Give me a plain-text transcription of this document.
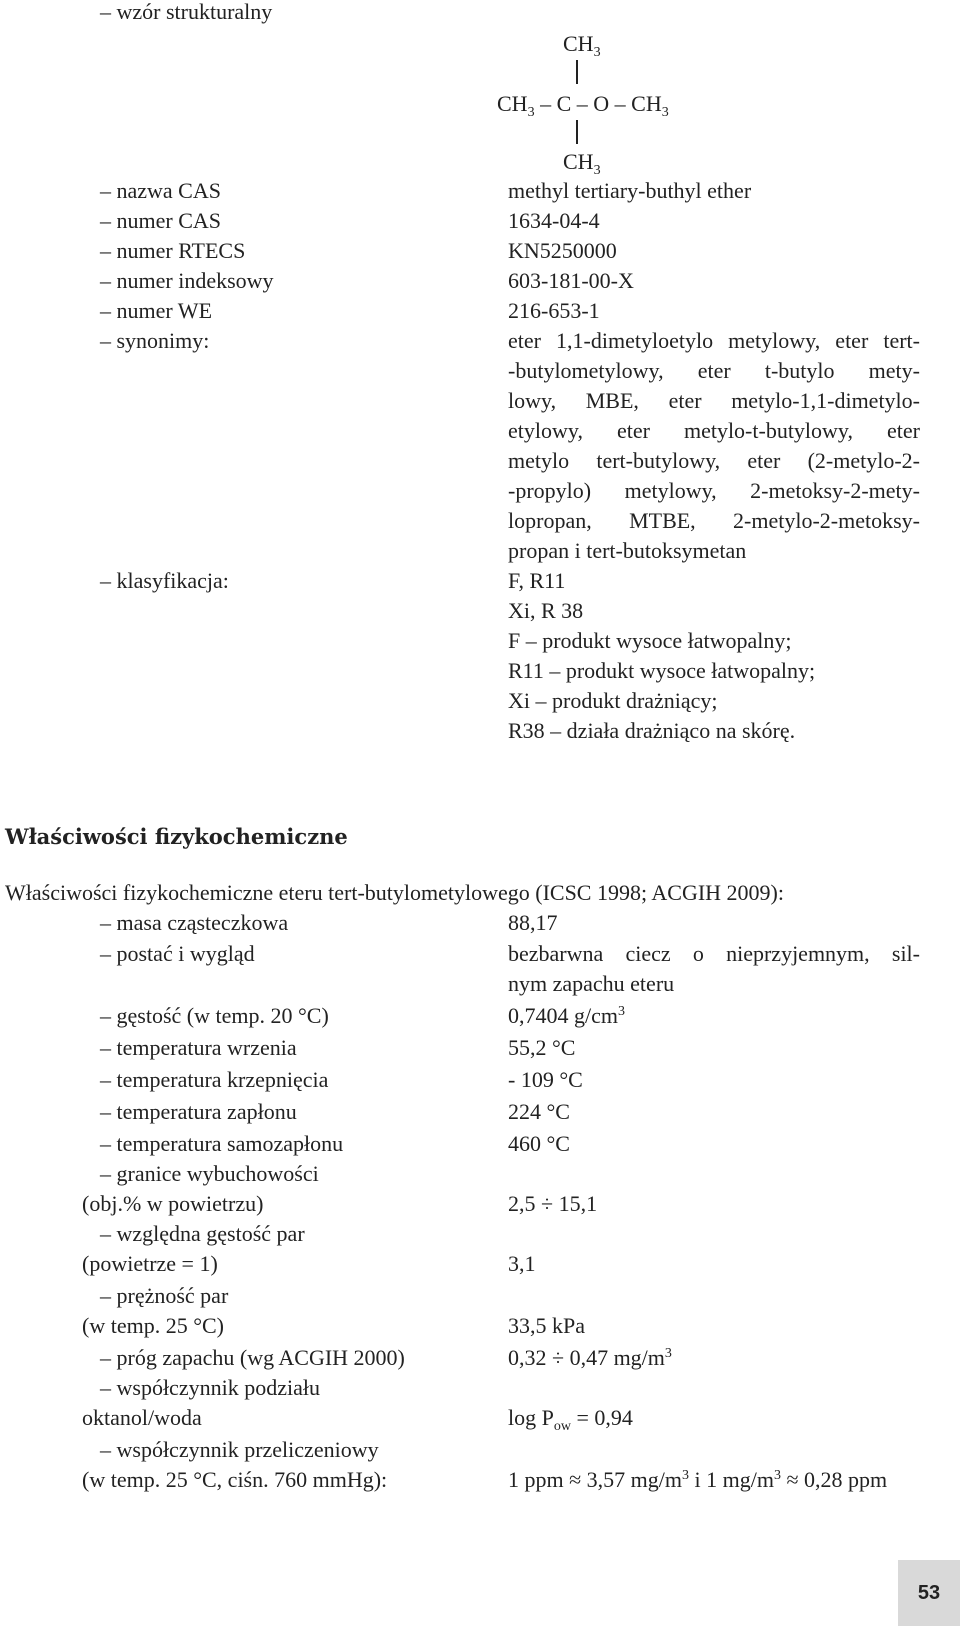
– wzór strukturalny
$CH_3$
$CH_3$ – C – O – $CH_3$
$CH_3$
– nazwa CAS	methyl tertiary-buthyl ether
– numer CAS	1634-04-4
– numer RTECS	KN5250000
– numer indeksowy	603-181-00-X
– numer WE	216-653-1
– synonimy:	eter 1,1-dimetyloetylo metylowy, eter tert-
-butylometylowy, eter t-butylo mety-
lowy, MBE, eter metylo-1,1-dimetylo-
etylowy, eter metylo-t-butylowy, eter
metylo tert-butylowy, eter (2-metylo-2-
-propylo) metylowy, 2-metoksy-2-mety-
lopropan, MTBE, 2-metylo-2-metoksy-
propan i tert-butoksymetan
– klasyfikacja:	F, R11
Xi, R 38
F – produkt wysoce łatwopalny;
R11 – produkt wysoce łatwopalny;
Xi – produkt drażniący;
R38 – działa drażniąco na skórę.
Właściwości fizykochemiczne
Właściwości fizykochemiczne eteru tert-butylometylowego (ICSC 1998; ACGIH 2009):
– masa cząsteczkowa	88,17
– postać i wygląd	bezbarwna ciecz o nieprzyjemnym, sil-
nym zapachu eteru
– gęstość (w temp. 20 °C)	0,7404 $g/cm^3$
– temperatura wrzenia	55,2 °C
– temperatura krzepnięcia	- 109 °C
– temperatura zapłonu	224 °C
– temperatura samozapłonu	460 °C
– granice wybuchowości
(obj.% w powietrzu)	2,5 ÷ 15,1
– względna gęstość par
(powietrze = 1)	3,1
– prężność par
(w temp. 25 °C)	33,5 kPa
– próg zapachu (wg ACGIH 2000)	0,32 ÷ 0,47 $mg/m^3$
– współczynnik podziału
oktanol/woda	$\log P_{ow} = 0,94$
– współczynnik przeliczeniowy
(w temp. 25 °C, ciśn. 760 mmHg):	1 ppm ≈ 3,57 $mg/m^3$ i 1 $mg/m^3 \approx 0,28$ ppm
53
